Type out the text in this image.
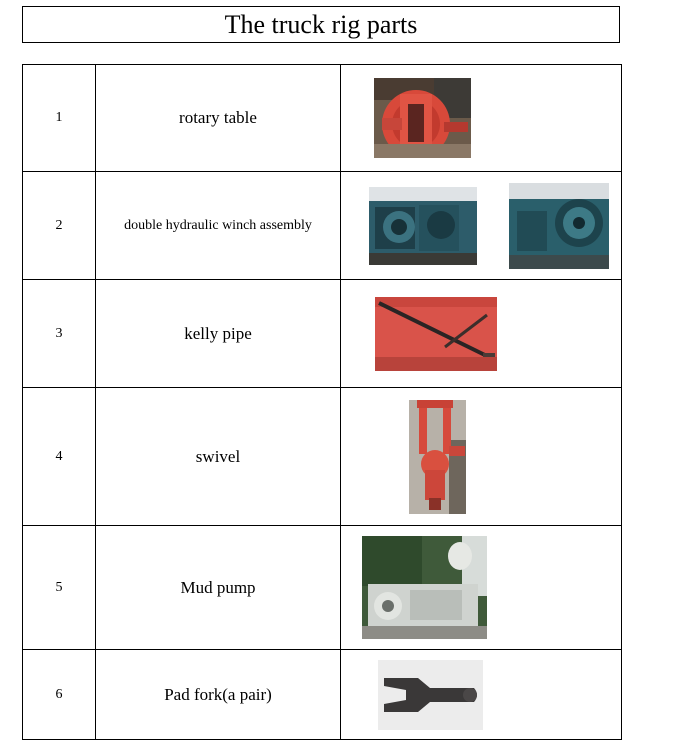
The truck rig parts
1	rotary table	

2	double hydraulic winch assembly	

3	kelly pipe	

4	swivel	

5	Mud pump	

6	Pad fork(a pair)	
